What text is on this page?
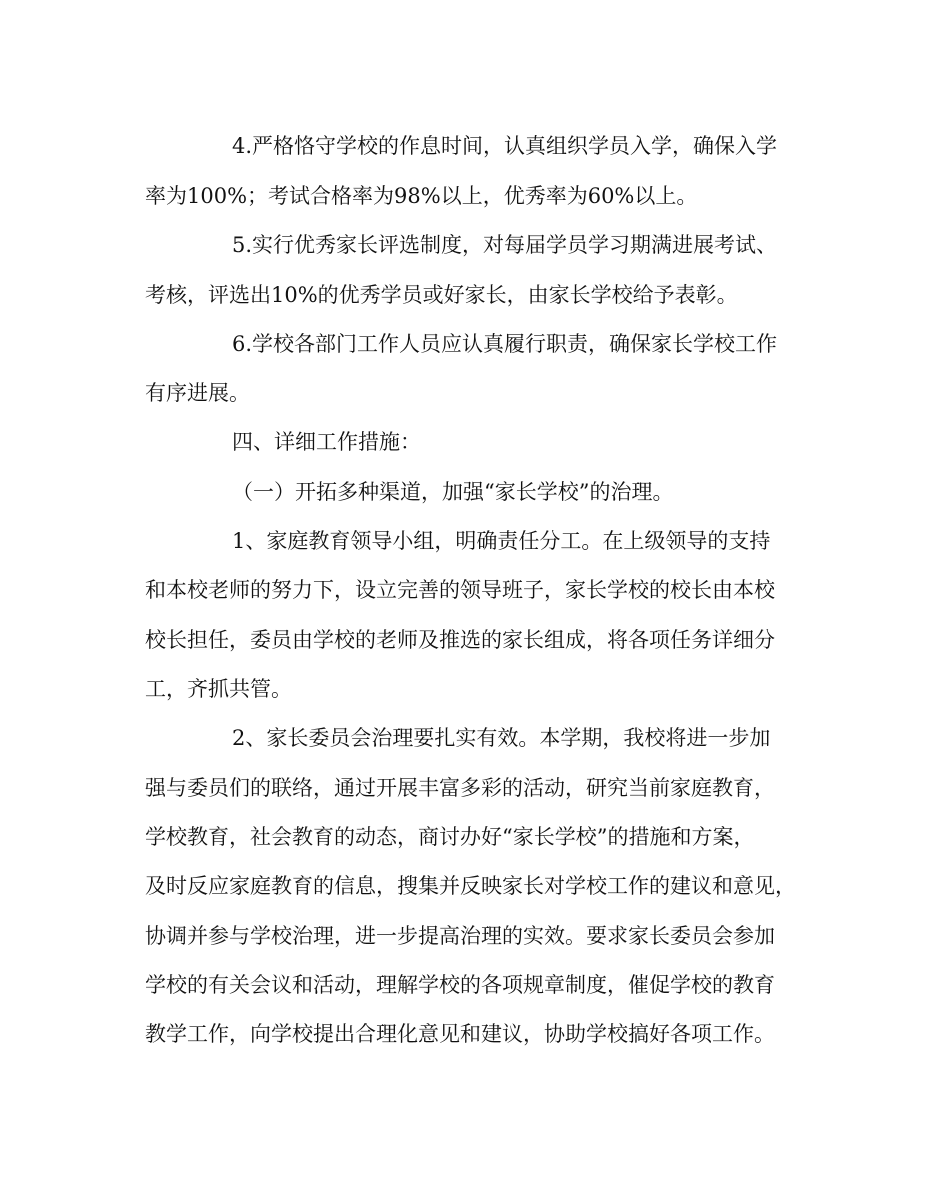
4.严格恪守学校的作息时间，认真组织学员入学，确保入学
率为100%；考试合格率为98%以上，优秀率为60%以上。
5.实行优秀家长评选制度，对每届学员学习期满进展考试、
考核，评选出10%的优秀学员或好家长，由家长学校给予表彰。
6.学校各部门工作人员应认真履行职责，确保家长学校工作
有序进展。
四、详细工作措施：
（一）开拓多种渠道，加强“家长学校”的治理。
1、家庭教育领导小组，明确责任分工。在上级领导的支持
和本校老师的努力下，设立完善的领导班子，家长学校的校长由本校
校长担任，委员由学校的老师及推选的家长组成，将各项任务详细分
工，齐抓共管。
2、家长委员会治理要扎实有效。本学期，我校将进一步加
强与委员们的联络，通过开展丰富多彩的活动，研究当前家庭教育，
学校教育，社会教育的动态，商讨办好“家长学校”的措施和方案，
及时反应家庭教育的信息，搜集并反映家长对学校工作的建议和意见，
协调并参与学校治理，进一步提高治理的实效。要求家长委员会参加
学校的有关会议和活动，理解学校的各项规章制度，催促学校的教育
教学工作，向学校提出合理化意见和建议，协助学校搞好各项工作。
